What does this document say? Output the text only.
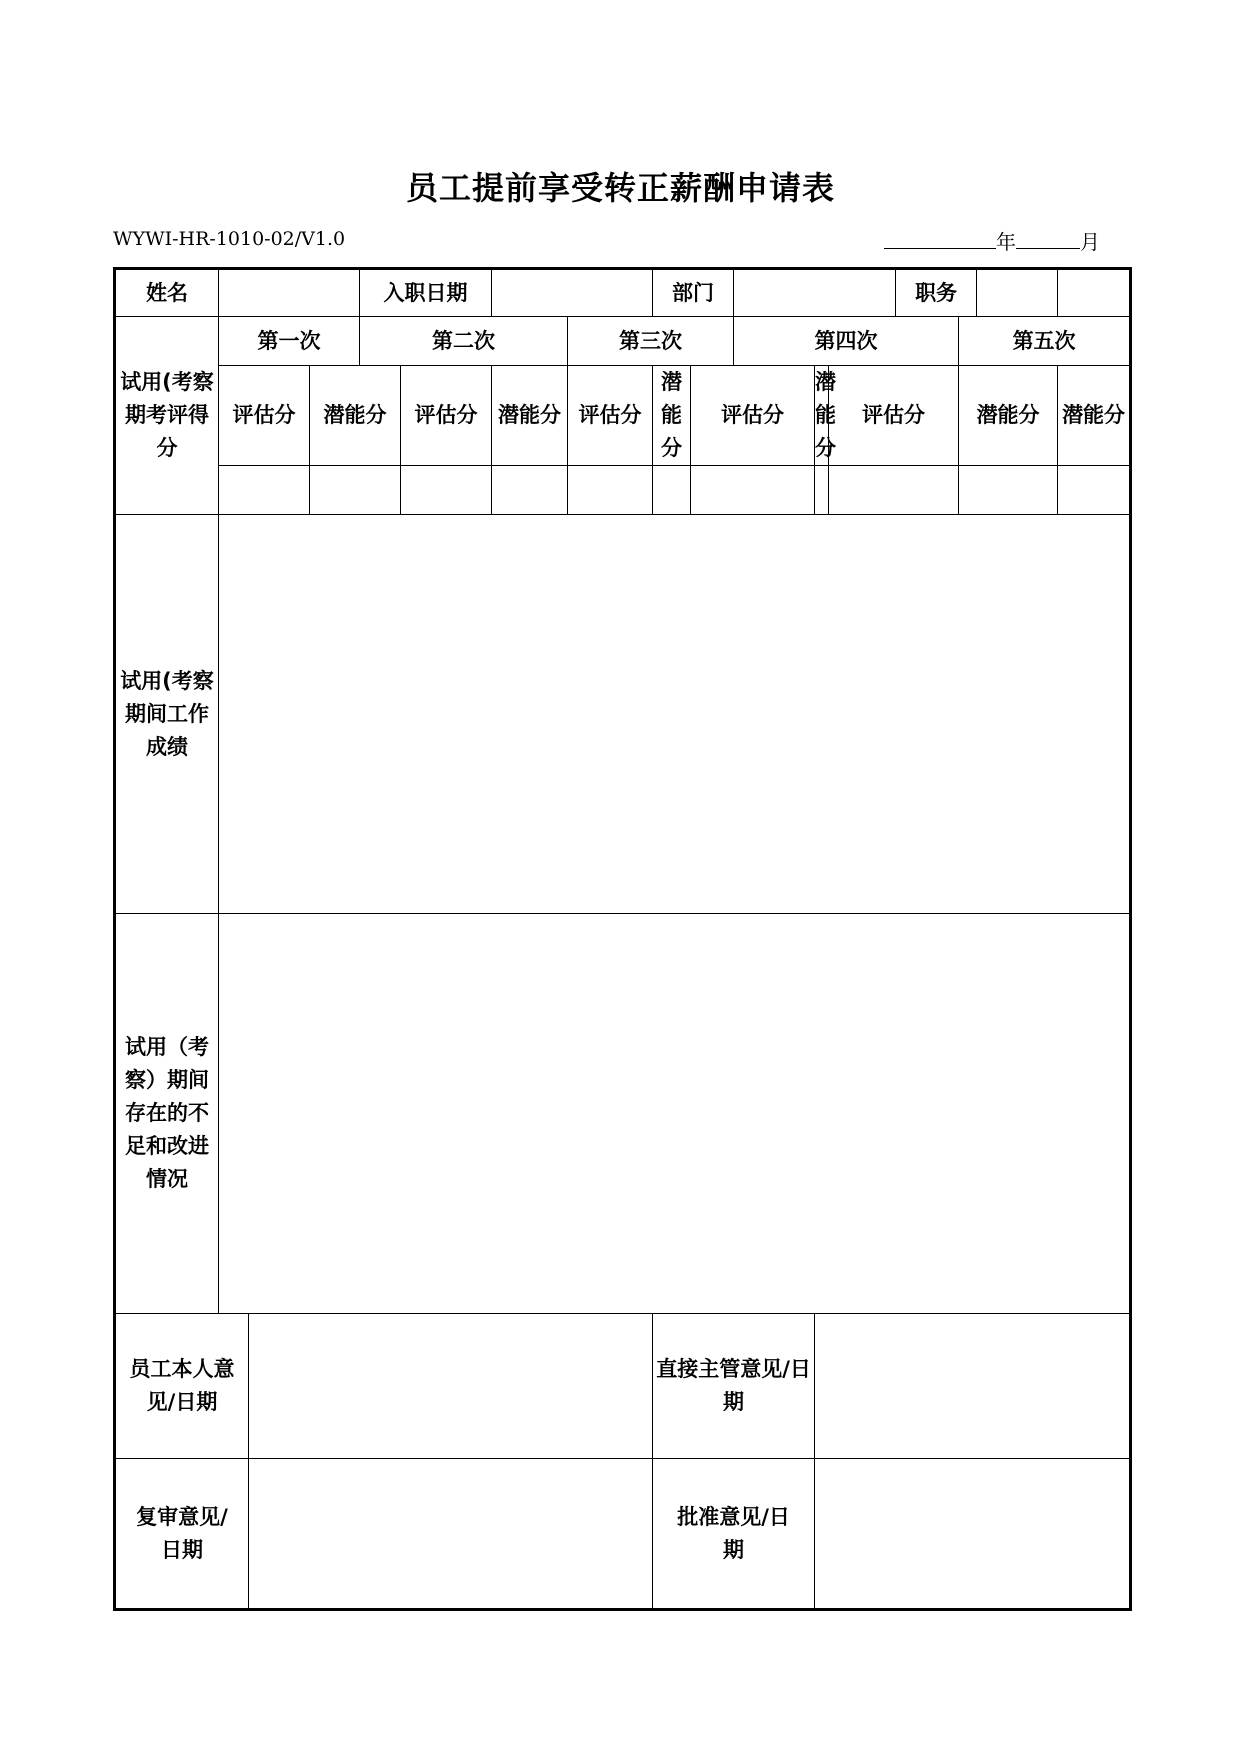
员工提前享受转正薪酬申请表
WYWI-HR-1010-02/V1.0	年	月
姓名				入职日期				部门					职务			
试用(考察期考评得分	第一次			第二次			第三次			第四次				第五次		
	评估分		潜能分		评估分	潜能分	评估分	潜能分	评估分		潜能分	评估分		潜能分		潜能分

试用(考察期间工作成绩																
试用（考察）期间存在的不足和改进情况																
员工本人意见/日期								直接主管意见/日期								
复审意见/日期								批准意见/日期								
